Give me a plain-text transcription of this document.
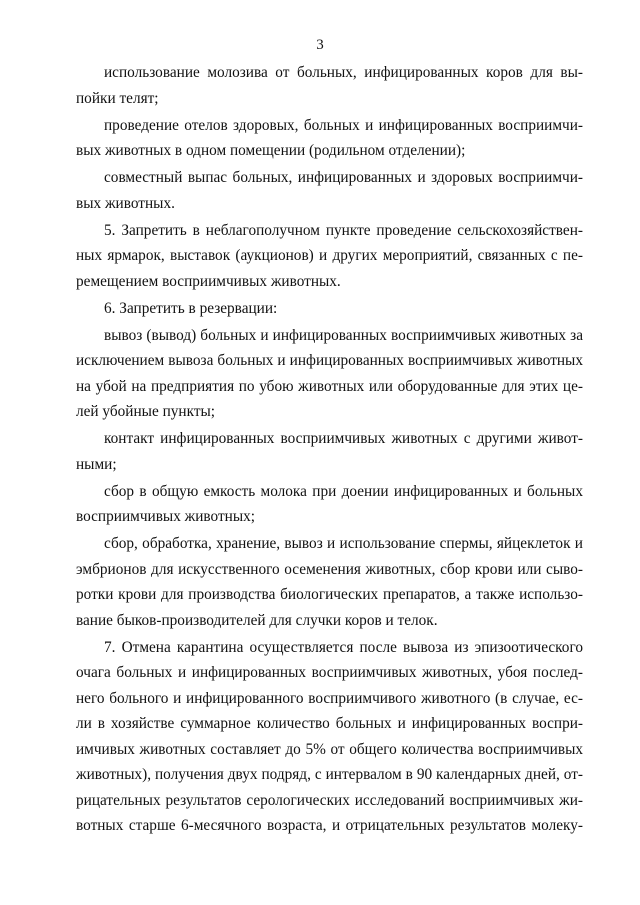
3
использование молозива от больных, инфицированных коров для вы-
пойки телят;
проведение отелов здоровых, больных и инфицированных восприимчи-
вых животных в одном помещении (родильном отделении);
совместный выпас больных, инфицированных и здоровых восприимчи-
вых животных.
5. Запретить в неблагополучном пункте проведение сельскохозяйствен-
ных ярмарок, выставок (аукционов) и других мероприятий, связанных с пе-
ремещением восприимчивых животных.
6. Запретить в резервации:
вывоз (вывод) больных и инфицированных восприимчивых животных за
исключением вывоза больных и инфицированных восприимчивых животных
на убой на предприятия по убою животных или оборудованные для этих це-
лей убойные пункты;
контакт инфицированных восприимчивых животных с другими живот-
ными;
сбор в общую емкость молока при доении инфицированных и больных
восприимчивых животных;
сбор, обработка, хранение, вывоз и использование спермы, яйцеклеток и
эмбрионов для искусственного осеменения животных, сбор крови или сыво-
ротки крови для производства биологических препаратов, а также использо-
вание быков-производителей для случки коров и телок.
7. Отмена карантина осуществляется после вывоза из эпизоотического
очага больных и инфицированных восприимчивых животных, убоя послед-
него больного и инфицированного восприимчивого животного (в случае, ес-
ли в хозяйстве суммарное количество больных и инфицированных воспри-
имчивых животных составляет до 5% от общего количества восприимчивых
животных), получения двух подряд, с интервалом в 90 календарных дней, от-
рицательных результатов серологических исследований восприимчивых жи-
вотных старше 6-месячного возраста, и отрицательных результатов молеку-
